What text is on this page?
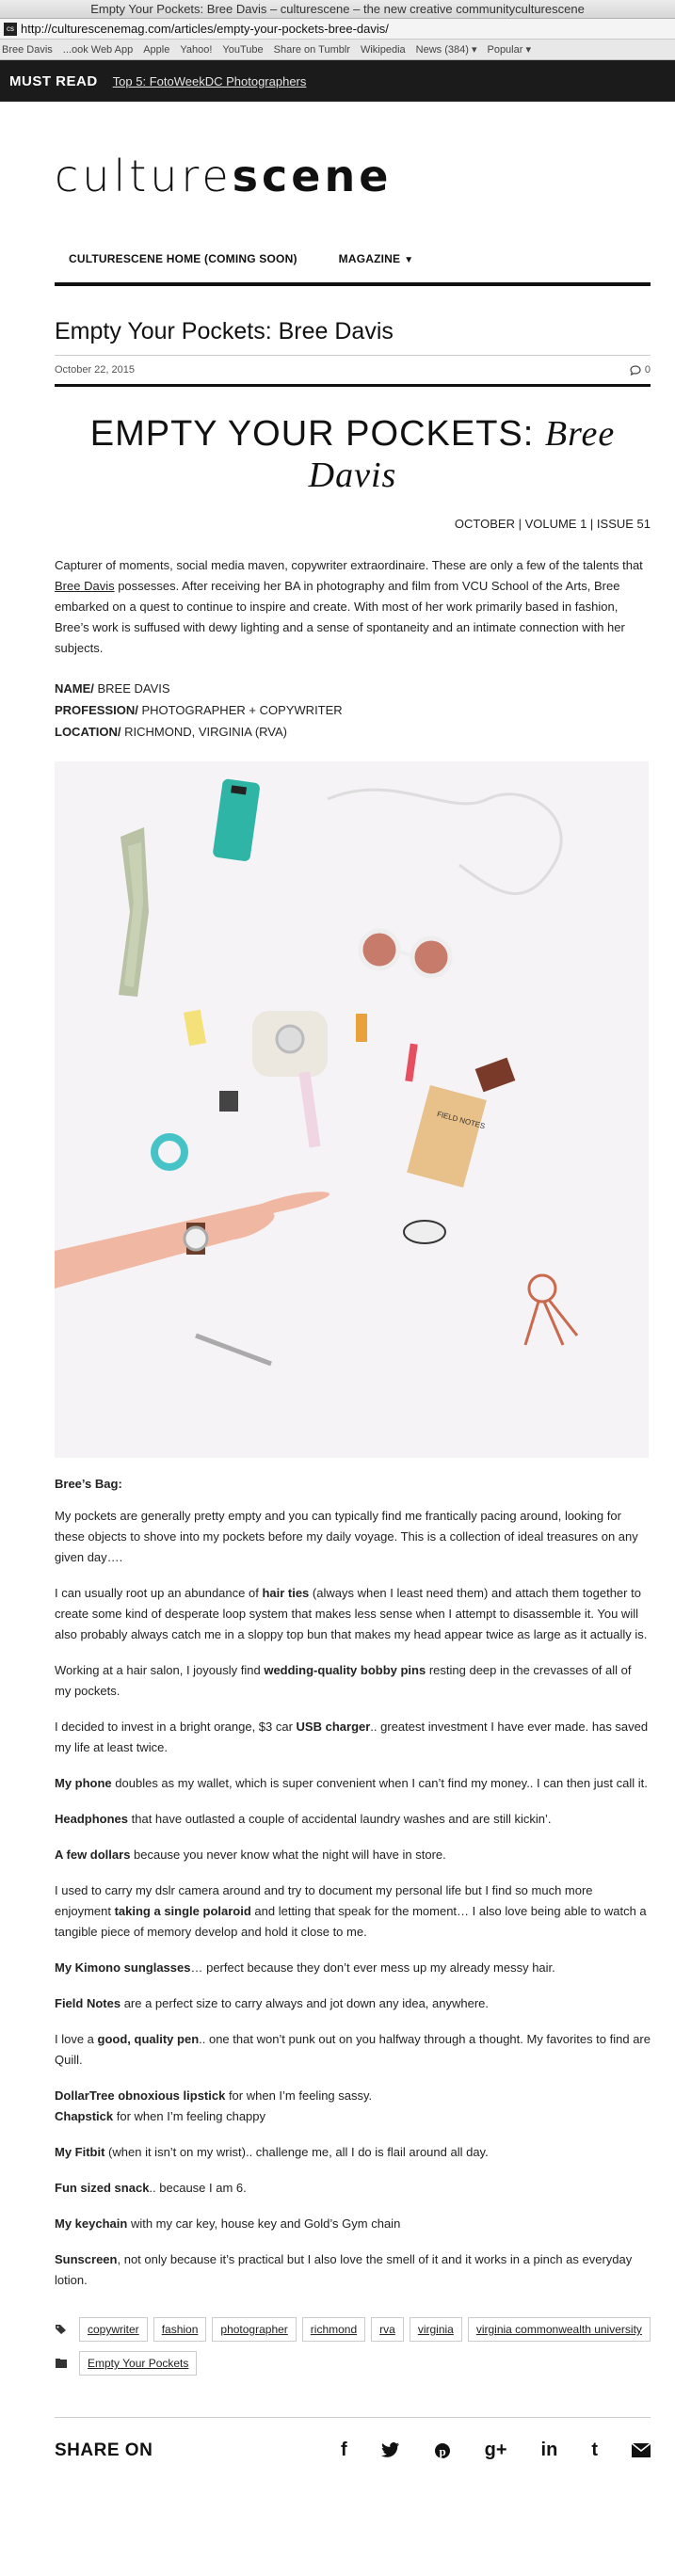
Empty Your Pockets: Bree Davis – culturescene – the new creative communityculturescene
cs http://culturescenemag.com/articles/empty-your-pockets-bree-davis/
Bree Davis ...ook Web App Apple Yahoo! YouTube Share on Tumblr Wikipedia News (384) ▾ Popular ▾
MUST READ Top 5: FotoWeekDC Photographers
culturescene
CULTURESCENE HOME (COMING SOON)	MAGAZINE ▼
Empty Your Pockets: Bree Davis
October 22, 2015	0
EMPTY YOUR POCKETS: Bree Davis
OCTOBER | VOLUME 1 | ISSUE 51

Capturer of moments, social media maven, copywriter extraordinaire. These are only a few of the talents that Bree Davis possesses. After receiving her BA in photography and film from VCU School of the Arts, Bree embarked on a quest to continue to inspire and create. With most of her work primarily based in fashion, Bree’s work is suffused with dewy lighting and a sense of spontaneity and an intimate connection with her subjects.

NAME/ BREE DAVIS
PROFESSION/ PHOTOGRAPHER + COPYWRITER
LOCATION/ RICHMOND, VIRGINIA (RVA)
FIELD NOTES
Bree’s Bag:

My pockets are generally pretty empty and you can typically find me frantically pacing around, looking for these objects to shove into my pockets before my daily voyage. This is a collection of ideal treasures on any given day….

I can usually root up an abundance of hair ties (always when I least need them) and attach them together to create some kind of desperate loop system that makes less sense when I attempt to disassemble it. You will also probably always catch me in a sloppy top bun that makes my head appear twice as large as it actually is.

Working at a hair salon, I joyously find wedding-quality bobby pins resting deep in the crevasses of all of my pockets.

I decided to invest in a bright orange, $3 car USB charger.. greatest investment I have ever made. has saved my life at least twice.

My phone doubles as my wallet, which is super convenient when I can’t find my money.. I can then just call it.

Headphones that have outlasted a couple of accidental laundry washes and are still kickin’.

A few dollars because you never know what the night will have in store.

I used to carry my dslr camera around and try to document my personal life but I find so much more enjoyment taking a single polaroid and letting that speak for the moment… I also love being able to watch a tangible piece of memory develop and hold it close to me.

My Kimono sunglasses… perfect because they don’t ever mess up my already messy hair.

Field Notes are a perfect size to carry always and jot down any idea, anywhere.

I love a good, quality pen.. one that won’t punk out on you halfway through a thought. My favorites to find are Quill.

DollarTree obnoxious lipstick for when I’m feeling sassy.
Chapstick for when I’m feeling chappy

My Fitbit (when it isn’t on my wrist).. challenge me, all I do is flail around all day.

Fun sized snack.. because I am 6.

My keychain with my car key, house key and Gold’s Gym chain

Sunscreen, not only because it’s practical but I also love the smell of it and it works in a pinch as everyday lotion.

copywriter	fashion	photographer	richmond	rva	virginia	virginia commonwealth university
Empty Your Pockets
SHARE ON	f	p g+ in t
